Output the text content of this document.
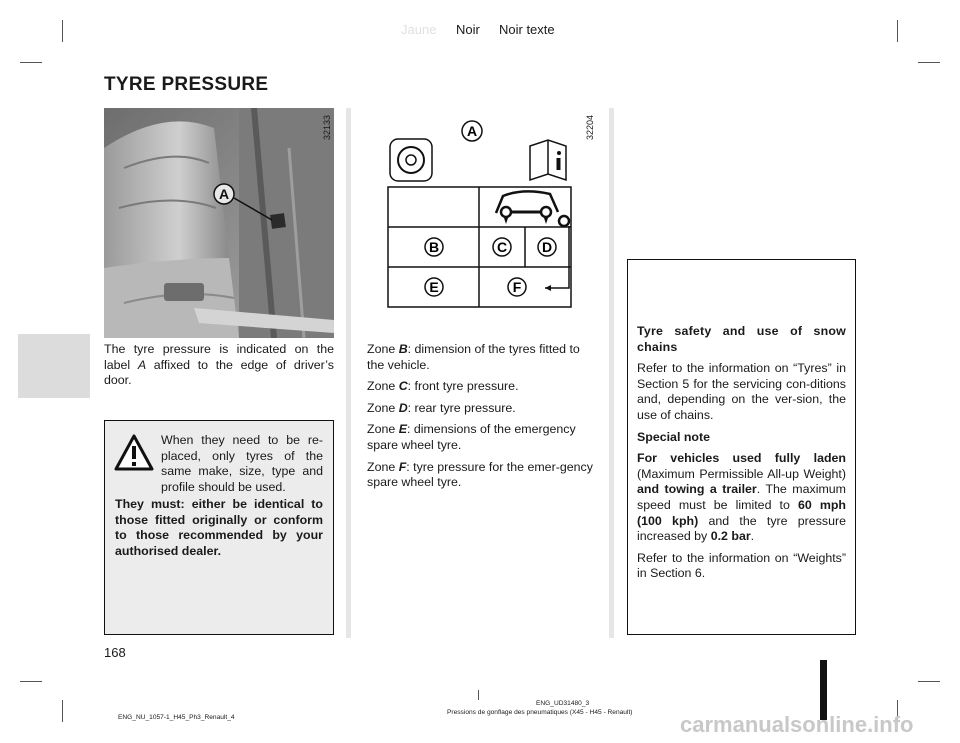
Jaune Noir Noir texte
TYRE PRESSURE
A
32133	A
B	C D
E	F
32204
The tyre pressure is indicated on the label A affixed to the edge of driver’s door.
When they need to be re-placed, only tyres of the same make, size, type and profile should be used.
They must: either be identical to those fitted originally or conform to those recommended by your authorised dealer.

Zone B: dimension of the tyres fitted to the vehicle.

Zone C: front tyre pressure.

Zone D: rear tyre pressure.

Zone E: dimensions of the emergency spare wheel tyre.

Zone F: tyre pressure for the emer-gency spare wheel tyre.

Tyre safety and use of snow chains

Refer to the information on “Tyres” in Section 5 for the servicing con-ditions and, depending on the ver-sion, the use of chains.

Special note

For vehicles used fully laden (Maximum Permissible All-up Weight) and towing a trailer. The maximum speed must be limited to 60 mph (100 kph) and the tyre pressure increased by 0.2 bar.

Refer to the information on “Weights” in Section 6.

168
ENG_NU_1057-1_H45_Ph3_Renault_4
ENG_UD31480_3
Pressions de gonflage des pneumatiques (X45 - H45 - Renault) carmanualsonline.info
